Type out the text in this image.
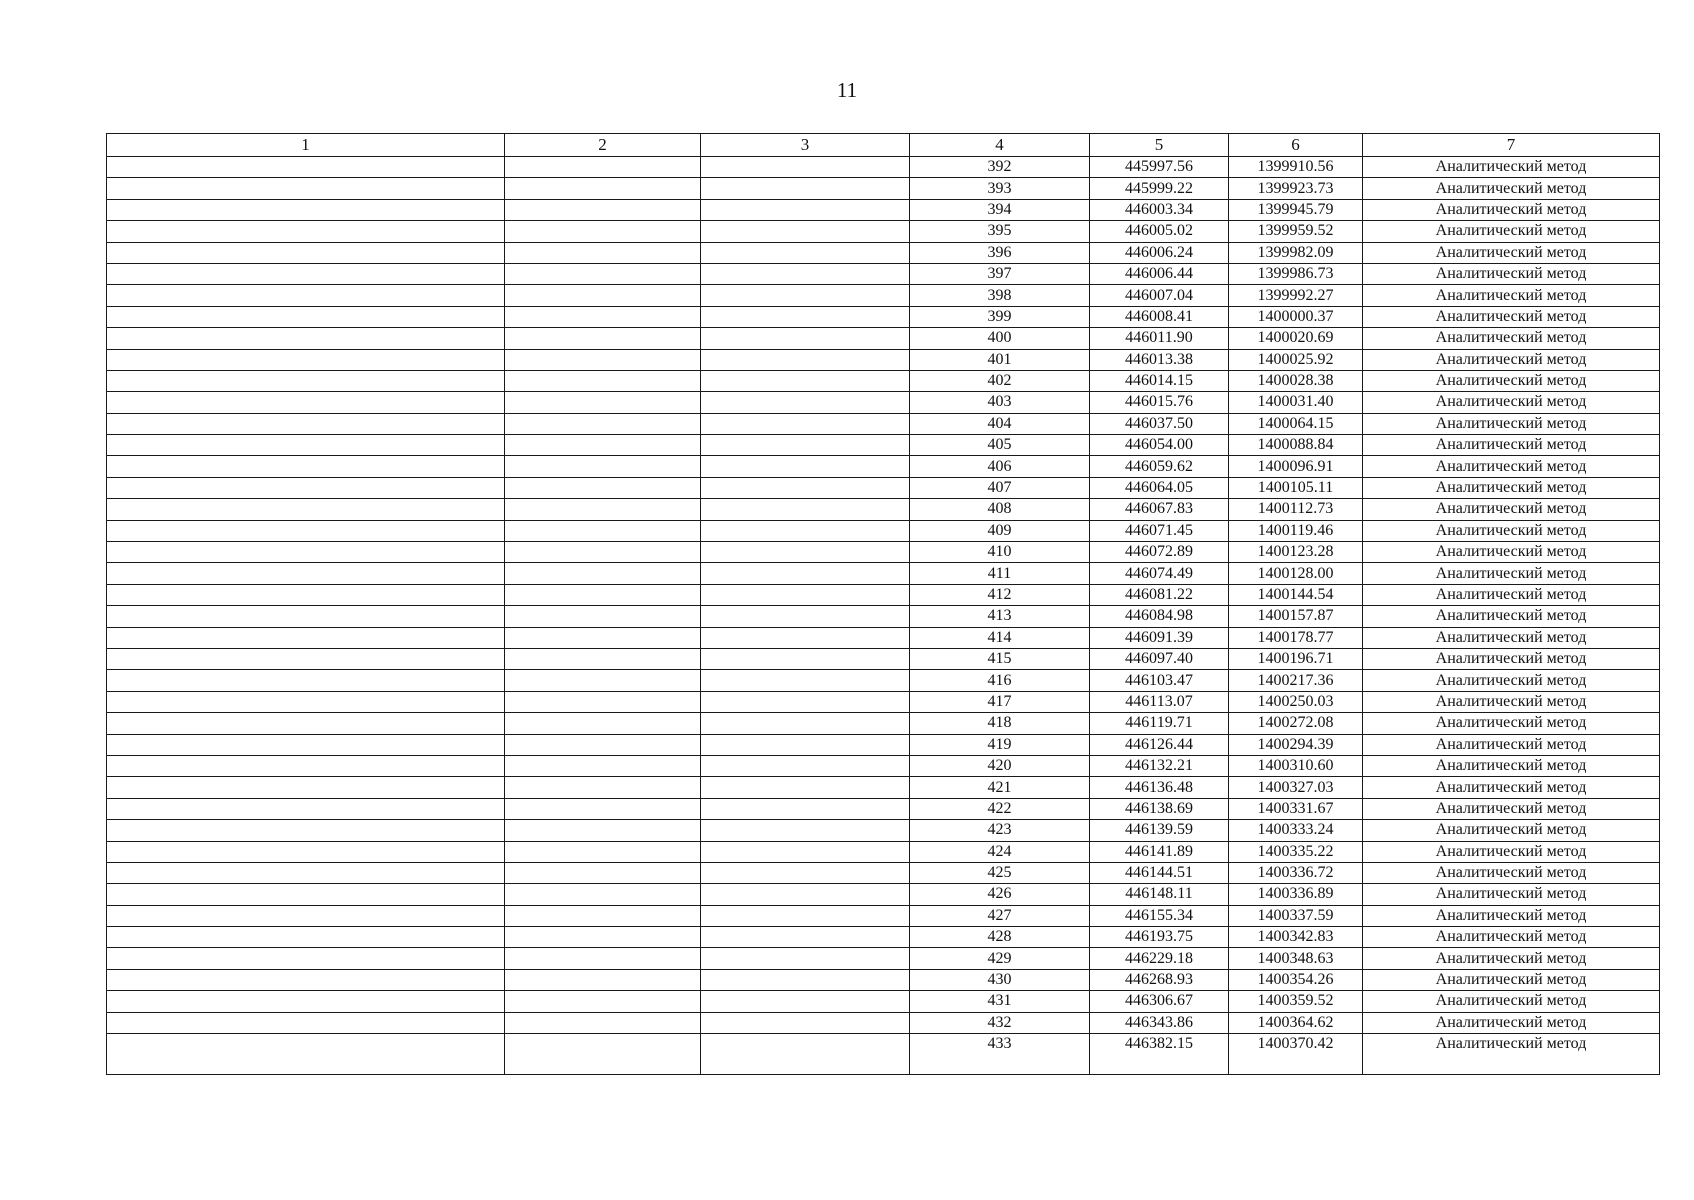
11
1	2	3	4	5	6	7
			392	445997.56	1399910.56	Аналитический метод
			393	445999.22	1399923.73	Аналитический метод
			394	446003.34	1399945.79	Аналитический метод
			395	446005.02	1399959.52	Аналитический метод
			396	446006.24	1399982.09	Аналитический метод
			397	446006.44	1399986.73	Аналитический метод
			398	446007.04	1399992.27	Аналитический метод
			399	446008.41	1400000.37	Аналитический метод
			400	446011.90	1400020.69	Аналитический метод
			401	446013.38	1400025.92	Аналитический метод
			402	446014.15	1400028.38	Аналитический метод
			403	446015.76	1400031.40	Аналитический метод
			404	446037.50	1400064.15	Аналитический метод
			405	446054.00	1400088.84	Аналитический метод
			406	446059.62	1400096.91	Аналитический метод
			407	446064.05	1400105.11	Аналитический метод
			408	446067.83	1400112.73	Аналитический метод
			409	446071.45	1400119.46	Аналитический метод
			410	446072.89	1400123.28	Аналитический метод
			411	446074.49	1400128.00	Аналитический метод
			412	446081.22	1400144.54	Аналитический метод
			413	446084.98	1400157.87	Аналитический метод
			414	446091.39	1400178.77	Аналитический метод
			415	446097.40	1400196.71	Аналитический метод
			416	446103.47	1400217.36	Аналитический метод
			417	446113.07	1400250.03	Аналитический метод
			418	446119.71	1400272.08	Аналитический метод
			419	446126.44	1400294.39	Аналитический метод
			420	446132.21	1400310.60	Аналитический метод
			421	446136.48	1400327.03	Аналитический метод
			422	446138.69	1400331.67	Аналитический метод
			423	446139.59	1400333.24	Аналитический метод
			424	446141.89	1400335.22	Аналитический метод
			425	446144.51	1400336.72	Аналитический метод
			426	446148.11	1400336.89	Аналитический метод
			427	446155.34	1400337.59	Аналитический метод
			428	446193.75	1400342.83	Аналитический метод
			429	446229.18	1400348.63	Аналитический метод
			430	446268.93	1400354.26	Аналитический метод
			431	446306.67	1400359.52	Аналитический метод
			432	446343.86	1400364.62	Аналитический метод
			433	446382.15	1400370.42	Аналитический метод
